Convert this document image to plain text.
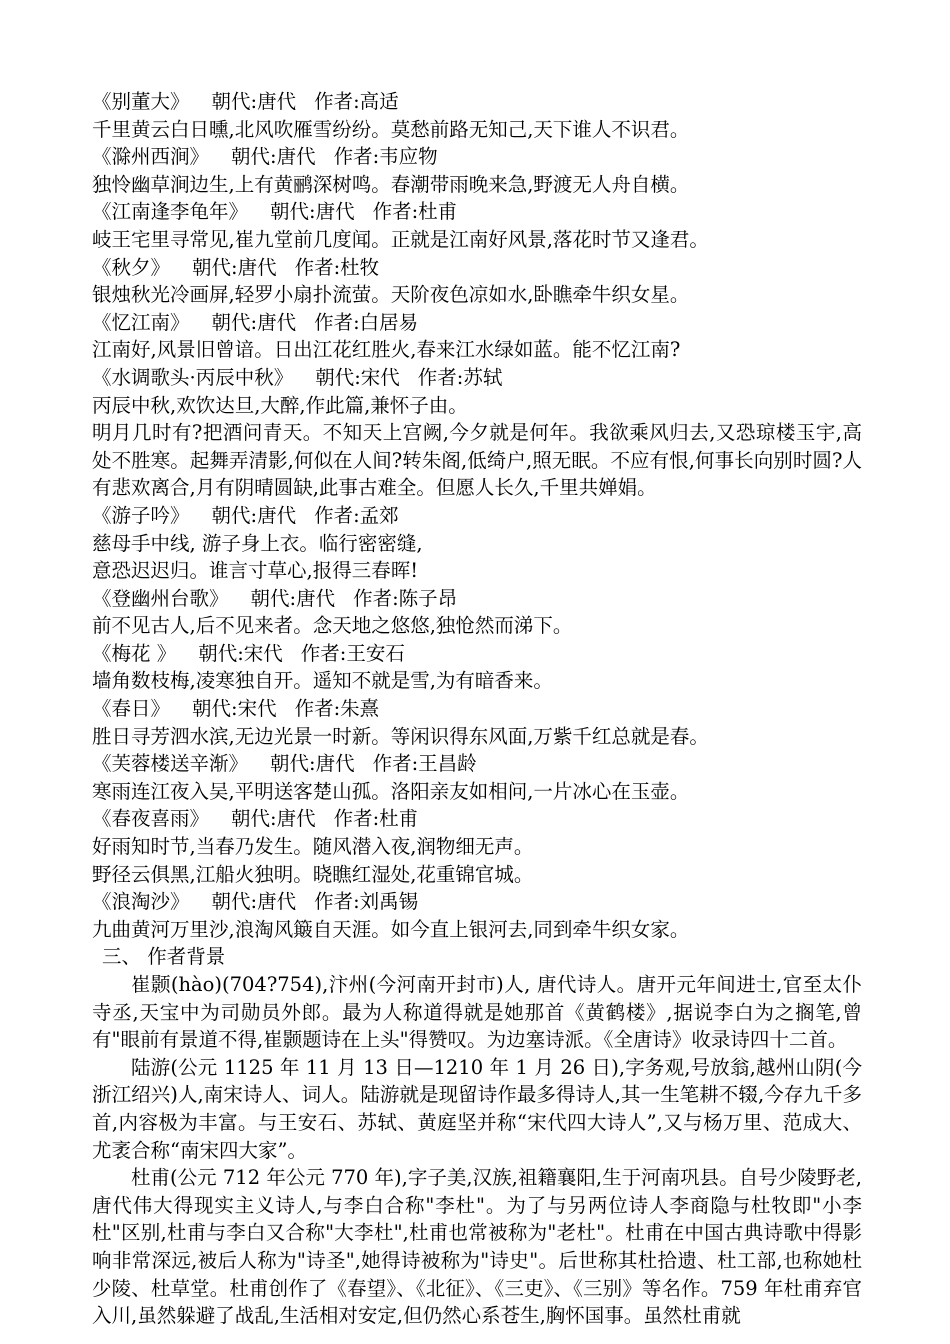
《别董大》 朝代:唐代 作者:高适
千里黄云白日曛,北风吹雁雪纷纷。莫愁前路无知己,天下谁人不识君。
《滁州西涧》 朝代:唐代 作者:韦应物
独怜幽草涧边生,上有黄鹂深树鸣。春潮带雨晚来急,野渡无人舟自横。
《江南逢李龟年》 朝代:唐代 作者:杜甫
岐王宅里寻常见,崔九堂前几度闻。正就是江南好风景,落花时节又逢君。
《秋夕》 朝代:唐代 作者:杜牧
银烛秋光冷画屏,轻罗小扇扑流萤。天阶夜色凉如水,卧瞧牵牛织女星。
《忆江南》 朝代:唐代 作者:白居易
江南好,风景旧曾谙。日出江花红胜火,春来江水绿如蓝。能不忆江南?
《水调歌头·丙辰中秋》 朝代:宋代 作者:苏轼
丙辰中秋,欢饮达旦,大醉,作此篇,兼怀子由。
明月几时有?把酒问青天。不知天上宫阙,今夕就是何年。我欲乘风归去,又恐琼楼玉宇,高处不胜寒。起舞弄清影,何似在人间?转朱阁,低绮户,照无眠。不应有恨,何事长向别时圆?人有悲欢离合,月有阴晴圆缺,此事古难全。但愿人长久,千里共婵娟。
《游子吟》 朝代:唐代 作者:孟郊
慈母手中线, 游子身上衣。临行密密缝,
意恐迟迟归。谁言寸草心,报得三春晖!
《登幽州台歌》 朝代:唐代 作者:陈子昂
前不见古人,后不见来者。念天地之悠悠,独怆然而涕下。
《梅花 》 朝代:宋代 作者:王安石
墙角数枝梅,凌寒独自开。遥知不就是雪,为有暗香来。
《春日》 朝代:宋代 作者:朱熹
胜日寻芳泗水滨,无边光景一时新。等闲识得东风面,万紫千红总就是春。
《芙蓉楼送辛渐》 朝代:唐代 作者:王昌龄
寒雨连江夜入吴,平明送客楚山孤。洛阳亲友如相问,一片冰心在玉壶。
《春夜喜雨》 朝代:唐代 作者:杜甫
好雨知时节,当春乃发生。随风潜入夜,润物细无声。
野径云俱黑,江船火独明。晓瞧红湿处,花重锦官城。
《浪淘沙》 朝代:唐代 作者:刘禹锡
九曲黄河万里沙,浪淘风簸自天涯。如今直上银河去,同到牵牛织女家。
三、 作者背景
崔颢(hào)(704?754),汴州(今河南开封市)人, 唐代诗人。唐开元年间进士,官至太仆寺丞,天宝中为司勋员外郎。最为人称道得就是她那首《黄鹤楼》,据说李白为之搁笔,曾有"眼前有景道不得,崔颢题诗在上头"得赞叹。为边塞诗派。《全唐诗》收录诗四十二首。
陆游(公元 1125 年 11 月 13 日—1210 年 1 月 26 日),字务观,号放翁,越州山阴(今浙江绍兴)人,南宋诗人、词人。陆游就是现留诗作最多得诗人,其一生笔耕不辍,今存九千多首,内容极为丰富。与王安石、苏轼、黄庭坚并称“宋代四大诗人”,又与杨万里、范成大、尤袤合称“南宋四大家”。
杜甫(公元 712 年公元 770 年),字子美,汉族,祖籍襄阳,生于河南巩县。自号少陵野老,唐代伟大得现实主义诗人,与李白合称"李杜"。为了与另两位诗人李商隐与杜牧即"小李杜"区别,杜甫与李白又合称"大李杜",杜甫也常被称为"老杜"。杜甫在中国古典诗歌中得影响非常深远,被后人称为"诗圣",她得诗被称为"诗史"。后世称其杜拾遗、杜工部,也称她杜少陵、杜草堂。杜甫创作了《春望》、《北征》、《三吏》、《三别》等名作。759 年杜甫弃官入川,虽然躲避了战乱,生活相对安定,但仍然心系苍生,胸怀国事。虽然杜甫就
